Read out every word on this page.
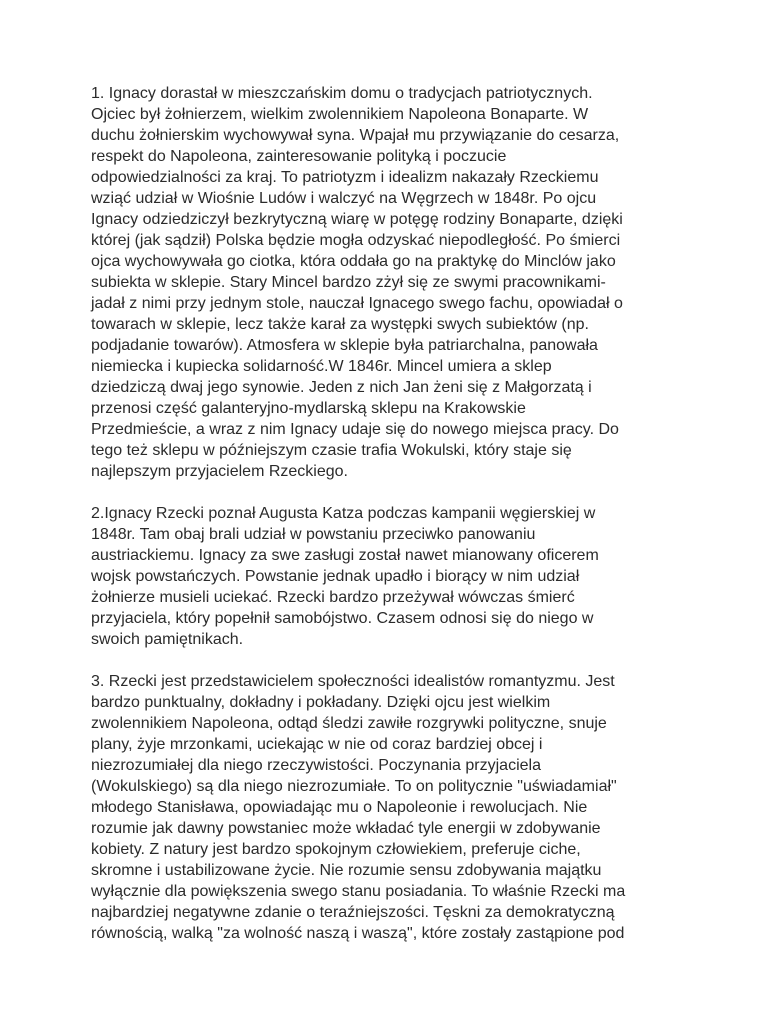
1. Ignacy dorastał w mieszczańskim domu o tradycjach patriotycznych.
Ojciec był żołnierzem, wielkim zwolennikiem Napoleona Bonaparte. W
duchu żołnierskim wychowywał syna. Wpajał mu przywiązanie do cesarza,
respekt do Napoleona, zainteresowanie polityką i poczucie
odpowiedzialności za kraj. To patriotyzm i idealizm nakazały Rzeckiemu
wziąć udział w Wiośnie Ludów i walczyć na Węgrzech w 1848r. Po ojcu
Ignacy odziedziczył bezkrytyczną wiarę w potęgę rodziny Bonaparte, dzięki
której (jak sądził) Polska będzie mogła odzyskać niepodległość. Po śmierci
ojca wychowywała go ciotka, która oddała go na praktykę do Minclów jako
subiekta w sklepie. Stary Mincel bardzo zżył się ze swymi pracownikami-
jadał z nimi przy jednym stole, nauczał Ignacego swego fachu, opowiadał o
towarach w sklepie, lecz także karał za występki swych subiektów (np.
podjadanie towarów). Atmosfera w sklepie była patriarchalna, panowała
niemiecka i kupiecka solidarność.W 1846r. Mincel umiera a sklep
dziedziczą dwaj jego synowie. Jeden z nich Jan żeni się z Małgorzatą i
przenosi część galanteryjno-mydlarską sklepu na Krakowskie
Przedmieście, a wraz z nim Ignacy udaje się do nowego miejsca pracy. Do
tego też sklepu w późniejszym czasie trafia Wokulski, który staje się
najlepszym przyjacielem Rzeckiego.
2.Ignacy Rzecki poznał Augusta Katza podczas kampanii węgierskiej w
1848r. Tam obaj brali udział w powstaniu przeciwko panowaniu
austriackiemu. Ignacy za swe zasługi został nawet mianowany oficerem
wojsk powstańczych. Powstanie jednak upadło i biorący w nim udział
żołnierze musieli uciekać. Rzecki bardzo przeżywał wówczas śmierć
przyjaciela, który popełnił samobójstwo. Czasem odnosi się do niego w
swoich pamiętnikach.
3. Rzecki jest przedstawicielem społeczności idealistów romantyzmu. Jest
bardzo punktualny, dokładny i pokładany. Dzięki ojcu jest wielkim
zwolennikiem Napoleona, odtąd śledzi zawiłe rozgrywki polityczne, snuje
plany, żyje mrzonkami, uciekając w nie od coraz bardziej obcej i
niezrozumiałej dla niego rzeczywistości. Poczynania przyjaciela
(Wokulskiego) są dla niego niezrozumiałe. To on politycznie "uświadamiał"
młodego Stanisława, opowiadając mu o Napoleonie i rewolucjach. Nie
rozumie jak dawny powstaniec może wkładać tyle energii w zdobywanie
kobiety. Z natury jest bardzo spokojnym człowiekiem, preferuje ciche,
skromne i ustabilizowane życie. Nie rozumie sensu zdobywania majątku
wyłącznie dla powiększenia swego stanu posiadania. To właśnie Rzecki ma
najbardziej negatywne zdanie o teraźniejszości. Tęskni za demokratyczną
równością, walką "za wolność naszą i waszą", które zostały zastąpione pod
